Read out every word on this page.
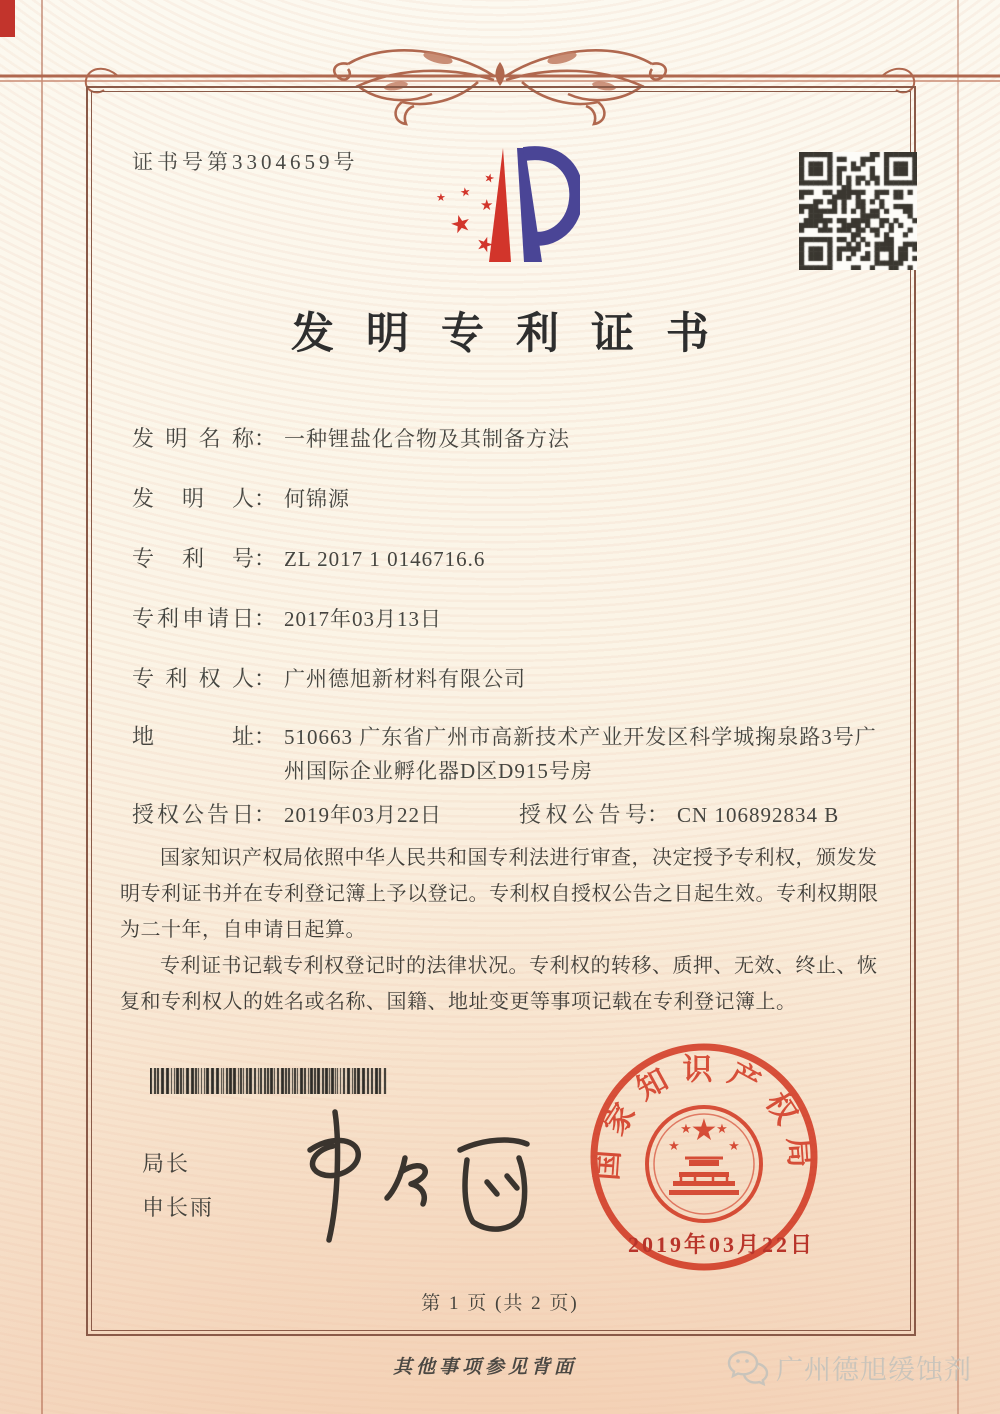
证书号第3304659号
★
★
★
★
★
★
发明专利证书
发明名称 ： 一种锂盐化合物及其制备方法
发明人 ： 何锦源
专利号 ： ZL 2017 1 0146716.6
专利申请日 ： 2017年03月13日
专利权人 ： 广州德旭新材料有限公司
地址 ： 510663 广东省广州市高新技术产业开发区科学城掬泉路3号广州国际企业孵化器D区D915号房
授权公告日 ： 2019年03月22日	授权公告号 ： CN 106892834 B

国家知识产权局依照中华人民共和国专利法进行审查，决定授予专利权，颁发发明专利证书并在专利登记簿上予以登记。专利权自授权公告之日起生效。专利权期限为二十年，自申请日起算。

专利证书记载专利权登记时的法律状况。专利权的转移、质押、无效、终止、恢复和专利权人的姓名或名称、国籍、地址变更等事项记载在专利登记簿上。

局长
申长雨
国家知识产权局
★
★
★ ★
★
2019年03月22日
第 1 页 (共 2 页)
其他事项参见背面	广州德旭缓蚀剂
